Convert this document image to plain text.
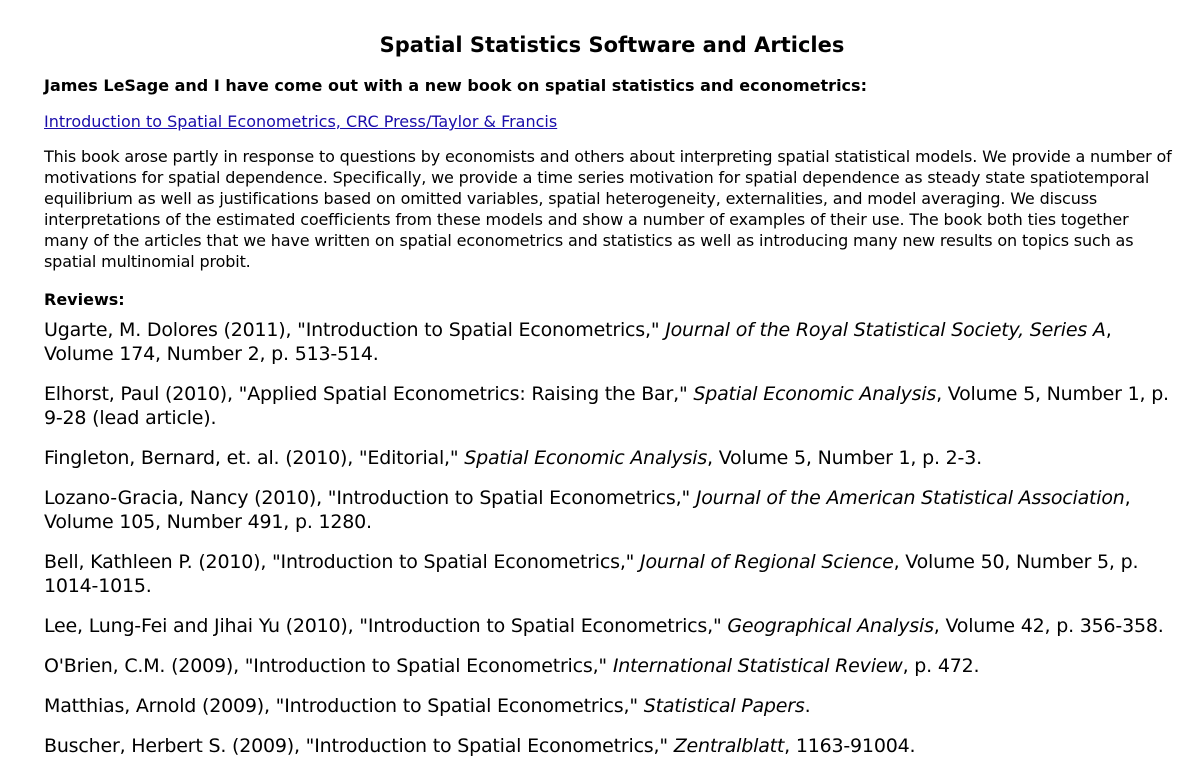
Spatial Statistics Software and Articles

James LeSage and I have come out with a new book on spatial statistics and econometrics:

Introduction to Spatial Econometrics, CRC Press/Taylor & Francis

This book arose partly in response to questions by economists and others about interpreting spatial statistical models. We provide a number of motivations for spatial dependence. Specifically, we provide a time series motivation for spatial dependence as steady state spatiotemporal equilibrium as well as justifications based on omitted variables, spatial heterogeneity, externalities, and model averaging. We discuss interpretations of the estimated coefficients from these models and show a number of examples of their use. The book both ties together many of the articles that we have written on spatial econometrics and statistics as well as introducing many new results on topics such as spatial multinomial probit.

Reviews:

Ugarte, M. Dolores (2011), "Introduction to Spatial Econometrics," Journal of the Royal Statistical Society, Series A, Volume 174, Number 2, p. 513-514.
Elhorst, Paul (2010), "Applied Spatial Econometrics: Raising the Bar," Spatial Economic Analysis, Volume 5, Number 1, p. 9-28 (lead article).
Fingleton, Bernard, et. al. (2010), "Editorial," Spatial Economic Analysis, Volume 5, Number 1, p. 2-3.
Lozano-Gracia, Nancy (2010), "Introduction to Spatial Econometrics," Journal of the American Statistical Association, Volume 105, Number 491, p. 1280.
Bell, Kathleen P. (2010), "Introduction to Spatial Econometrics," Journal of Regional Science, Volume 50, Number 5, p. 1014-1015.
Lee, Lung-Fei and Jihai Yu (2010), "Introduction to Spatial Econometrics," Geographical Analysis, Volume 42, p. 356-358.
O'Brien, C.M. (2009), "Introduction to Spatial Econometrics," International Statistical Review, p. 472.
Matthias, Arnold (2009), "Introduction to Spatial Econometrics," Statistical Papers.
Buscher, Herbert S. (2009), "Introduction to Spatial Econometrics," Zentralblatt, 1163-91004.
